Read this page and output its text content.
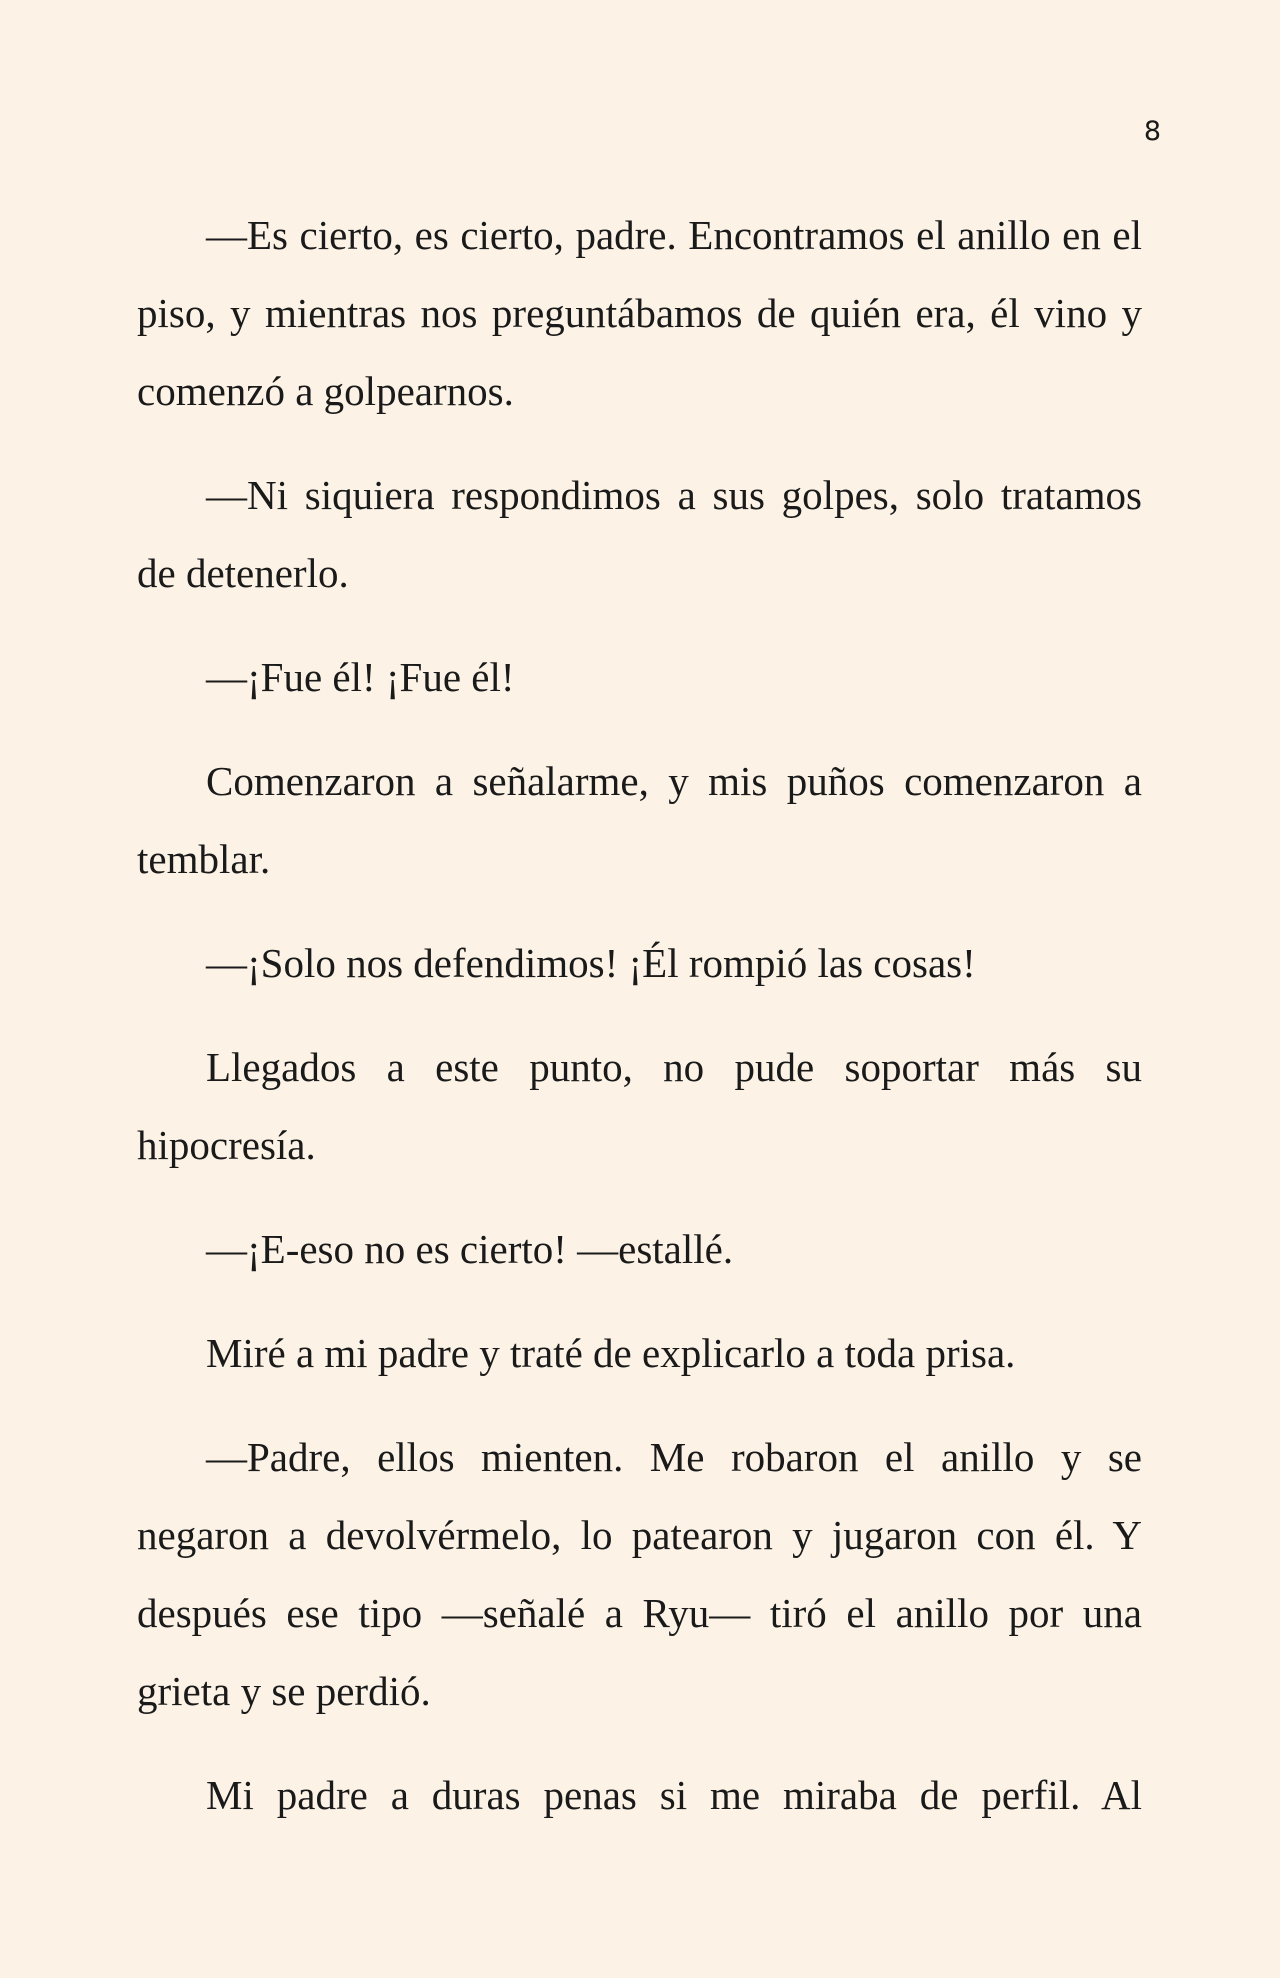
8

—Es cierto, es cierto, padre. Encontramos el anillo en el piso, y mientras nos preguntábamos de quién era, él vino y comenzó a golpearnos.

—Ni siquiera respondimos a sus golpes, solo tratamos de detenerlo.

—¡Fue él! ¡Fue él!

Comenzaron a señalarme, y mis puños comenzaron a temblar.

—¡Solo nos defendimos! ¡Él rompió las cosas!

Llegados a este punto, no pude soportar más su hipocresía.

—¡E-eso no es cierto! —estallé.

Miré a mi padre y traté de explicarlo a toda prisa.

—Padre, ellos mienten. Me robaron el anillo y se negaron a devolvérmelo, lo patearon y jugaron con él. Y después ese tipo —señalé a Ryu— tiró el anillo por una grieta y se perdió.

Mi padre a duras penas si me miraba de perfil. Al
